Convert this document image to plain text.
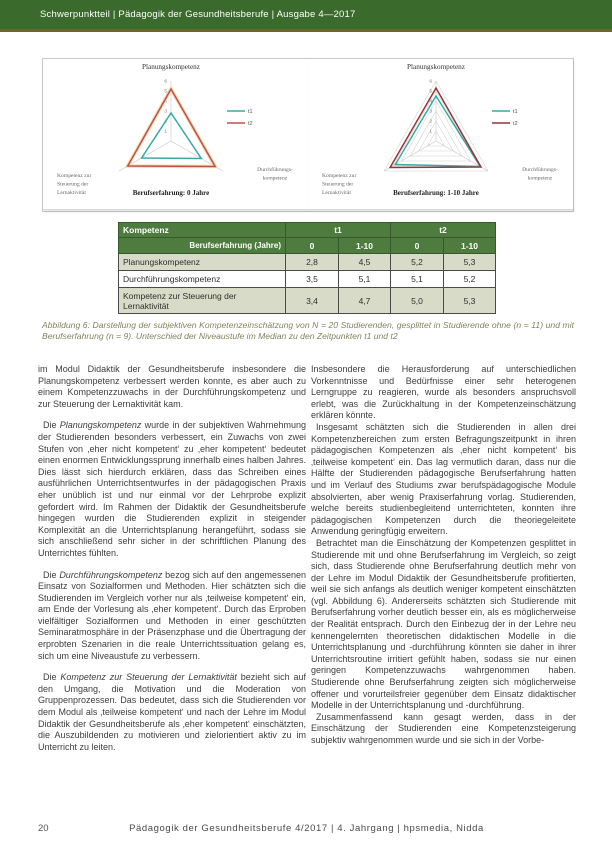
Schwerpunktteil | Pädagogik der Gesundheitsberufe | Ausgabe 4—2017
1
2
3
4
5
6
Planungskompetenz
Durchführungs-
kompetenz
Kompetenz zur
Steuerung der
Lernaktivität	Berufserfahrung: 0 Jahre
t1
t2
1
2
3
4
5
6
Planungskompetenz
Durchführungs-
kompetenz
Kompetenz zur
Steuerung der
Lernaktivität	Berufserfahrung: 1-10 Jahre
t1
t2
Kompetenz	t1		t2	
Berufserfahrung (Jahre)	0	1-10	0	1-10
Planungskompetenz	2,8	4,5	5,2	5,3
Durchführungskompetenz	3,5	5,1	5,1	5,2
Kompetenz zur Steuerung der Lernaktivität	3,4	4,7	5,0	5,3
Abbildung 6: Darstellung der subjektiven Kompetenzeinschätzung von N = 20 Studierenden, gesplittet in Studierende ohne (n = 11) und mit Berufserfahrung (n = 9). Unterschied der Niveaustufe im Median zu den Zeitpunkten t1 und t2

im Modul Didaktik der Gesundheitsberufe insbesondere die Planungskompetenz verbessert werden konnte, es aber auch zu einem Kompetenzzuwachs in der Durchführungskompetenz und zur Steuerung der Lernaktivität kam.

Die Planungskompetenz wurde in der subjektiven Wahrnehmung der Studierenden besonders verbessert, ein Zuwachs von zwei Stufen von ‚eher nicht kompetent‘ zu ‚eher kompetent‘ bedeutet einen enormen Entwicklungssprung innerhalb eines halben Jahres. Dies lässt sich hierdurch erklären, dass das Schreiben eines ausführlichen Unterrichtsentwurfes in der pädagogischen Praxis eher unüblich ist und nur einmal vor der Lehrprobe explizit gefordert wird. Im Rahmen der Didaktik der Gesundheitsberufe hingegen wurden die Studierenden explizit in steigender Komplexität an die Unterrichtsplanung herangeführt, sodass sie sich anschließend sehr sicher in der schriftlichen Planung des Unterrichtes fühlten.

Die Durchführungskompetenz bezog sich auf den angemessenen Einsatz von Sozialformen und Methoden. Hier schätzten sich die Studierenden im Vergleich vorher nur als ‚teilweise kompetent‘ ein, am Ende der Vorlesung als ‚eher kompetent‘. Durch das Erproben vielfältiger Sozialformen und Methoden in einer geschützten Seminaratmosphäre in der Präsenzphase und die Übertragung der erprobten Szenarien in die reale Unterrichtssituation gelang es, sich um eine Niveaustufe zu verbessern.

Die Kompetenz zur Steuerung der Lernaktivität bezieht sich auf den Umgang, die Motivation und die Moderation von Gruppenprozessen. Das bedeutet, dass sich die Studierenden vor dem Modul als ‚teilweise kompetent‘ und nach der Lehre im Modul Didaktik der Gesundheitsberufe als ‚eher kompetent‘ einschätzten, die Auszubildenden zu motivieren und zielorientiert aktiv zu im Unterricht zu leiten.

Insbesondere die Herausforderung auf unterschiedlichen Vorkenntnisse und Bedürfnisse einer sehr heterogenen Lerngruppe zu reagieren, wurde als besonders anspruchsvoll erlebt, was die Zurückhaltung in der Kompetenzeinschätzung erklären könnte.

Insgesamt schätzten sich die Studierenden in allen drei Kompetenzbereichen zum ersten Befragungszeitpunkt in ihren pädagogischen Kompetenzen als ‚eher nicht kompetent‘ bis ‚teilweise kompetent‘ ein. Das lag vermutlich daran, dass nur die Hälfte der Studierenden pädagogische Berufserfahrung hatten und im Verlauf des Studiums zwar berufspädagogische Module absolvierten, aber wenig Praxiserfahrung vorlag. Studierenden, welche bereits studienbegleitend unterrichteten, konnten ihre pädagogischen Kompetenzen durch die theoriegeleitete Anwendung geringfügig erweitern.

Betrachtet man die Einschätzung der Kompetenzen gesplittet in Studierende mit und ohne Berufserfahrung im Vergleich, so zeigt sich, dass Studierende ohne Berufserfahrung deutlich mehr von der Lehre im Modul Didaktik der Gesundheitsberufe profitierten, weil sie sich anfangs als deutlich weniger kompetent einschätzten (vgl. Abbildung 6). Andererseits schätzten sich Studierende mit Berufserfahrung vorher deutlich besser ein, als es möglicherweise der Realität entsprach. Durch den Einbezug der in der Lehre neu kennengelernten theoretischen didaktischen Modelle in die Unterrichtsplanung und -durchführung könnten sie daher in ihrer Unterrichtsroutine irritiert gefühlt haben, sodass sie nur einen geringen Kompetenzzuwachs wahrgenommen haben. Studierende ohne Berufserfahrung zeigten sich möglicherweise offener und vorurteilsfreier gegenüber dem Einsatz didaktischer Modelle in der Unterrichtsplanung und -durchführung.

Zusammenfassend kann gesagt werden, dass in der Einschätzung der Studierenden eine Kompetenzsteigerung subjektiv wahrgenommen wurde und sie sich in der Vorbe-

Pädagogik der Gesundheitsberufe 4/2017 | 4. Jahrgang | hpsmedia, Nidda
20
